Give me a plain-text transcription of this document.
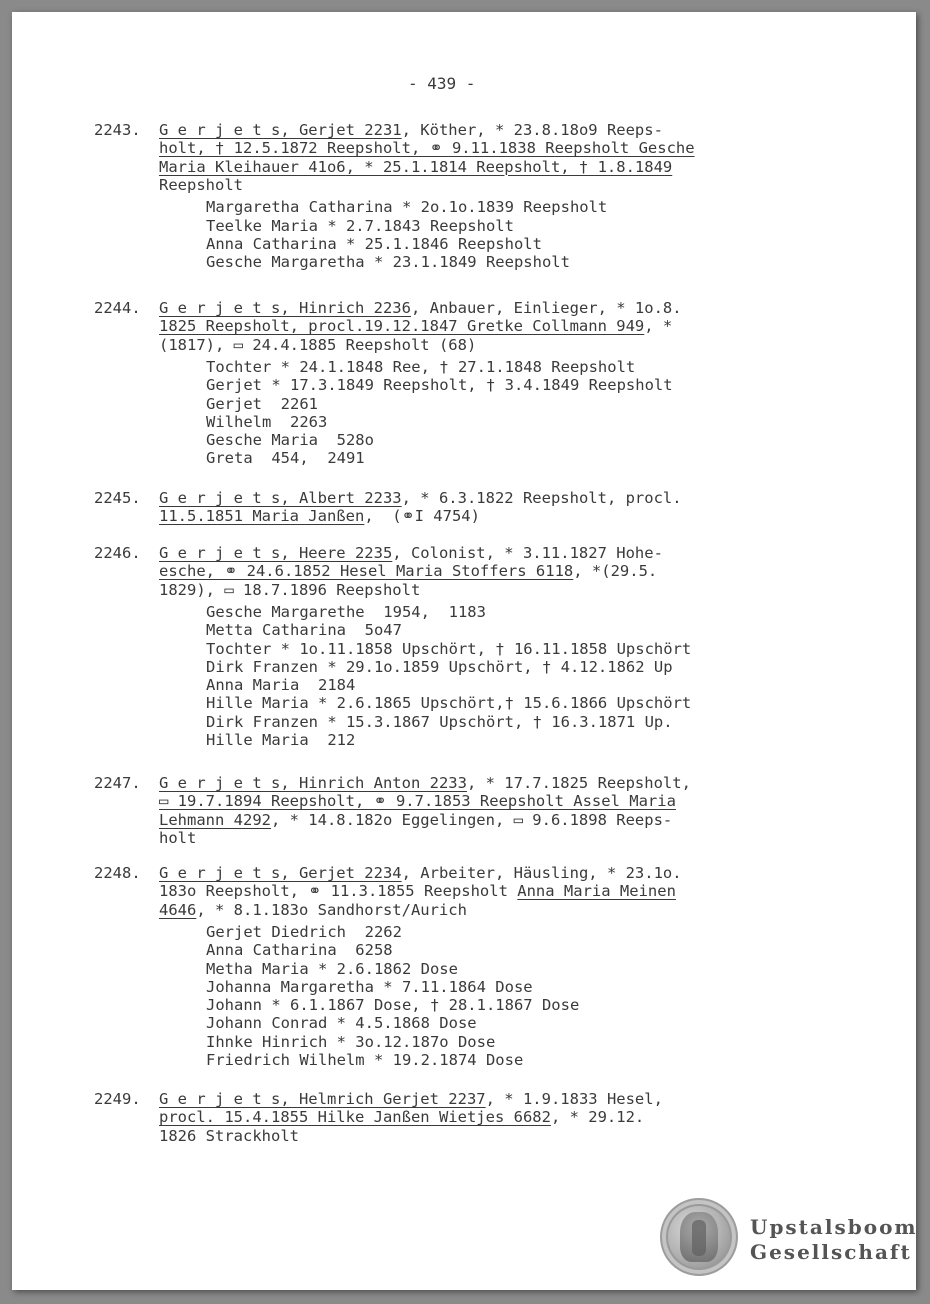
- 439 -
2243. G e r j e t s, Gerjet 2231, Köther, * 23.8.18o9 Reeps-
holt, † 12.5.1872 Reepsholt, ⚭ 9.11.1838 Reepsholt Gesche
Maria Kleihauer 41o6, * 25.1.1814 Reepsholt, † 1.8.1849
Reepsholt
Margaretha Catharina * 2o.1o.1839 Reepsholt
Teelke Maria * 2.7.1843 Reepsholt
Anna Catharina * 25.1.1846 Reepsholt
Gesche Margaretha * 23.1.1849 Reepsholt
2244. G e r j e t s, Hinrich 2236, Anbauer, Einlieger, * 1o.8.
1825 Reepsholt, procl.19.12.1847 Gretke Collmann 949, *
(1817), ▭ 24.4.1885 Reepsholt (68)
Tochter * 24.1.1848 Ree, † 27.1.1848 Reepsholt
Gerjet * 17.3.1849 Reepsholt, † 3.4.1849 Reepsholt
Gerjet  2261
Wilhelm  2263
Gesche Maria  528o
Greta  454,  2491
2245. G e r j e t s, Albert 2233, * 6.3.1822 Reepsholt, procl.
11.5.1851 Maria Janßen,  (⚭I 4754)
2246. G e r j e t s, Heere 2235, Colonist, * 3.11.1827 Hohe-
esche, ⚭ 24.6.1852 Hesel Maria Stoffers 6118, *(29.5.
1829), ▭ 18.7.1896 Reepsholt
Gesche Margarethe  1954,  1183
Metta Catharina  5o47
Tochter * 1o.11.1858 Upschört, † 16.11.1858 Upschört
Dirk Franzen * 29.1o.1859 Upschört, † 4.12.1862 Up
Anna Maria  2184
Hille Maria * 2.6.1865 Upschört,† 15.6.1866 Upschört
Dirk Franzen * 15.3.1867 Upschört, † 16.3.1871 Up.
Hille Maria  212
2247. G e r j e t s, Hinrich Anton 2233, * 17.7.1825 Reepsholt,
▭ 19.7.1894 Reepsholt, ⚭ 9.7.1853 Reepsholt Assel Maria
Lehmann 4292, * 14.8.182o Eggelingen, ▭ 9.6.1898 Reeps-
holt
2248. G e r j e t s, Gerjet 2234, Arbeiter, Häusling, * 23.1o.
183o Reepsholt, ⚭ 11.3.1855 Reepsholt Anna Maria Meinen
4646, * 8.1.183o Sandhorst/Aurich
Gerjet Diedrich  2262
Anna Catharina  6258
Metha Maria * 2.6.1862 Dose
Johanna Margaretha * 7.11.1864 Dose
Johann * 6.1.1867 Dose, † 28.1.1867 Dose
Johann Conrad * 4.5.1868 Dose
Ihnke Hinrich * 3o.12.187o Dose
Friedrich Wilhelm * 19.2.1874 Dose
2249. G e r j e t s, Helmrich Gerjet 2237, * 1.9.1833 Hesel,
procl. 15.4.1855 Hilke Janßen Wietjes 6682, * 29.12.
1826 Strackholt
Upstalsboom
Gesellschaft
